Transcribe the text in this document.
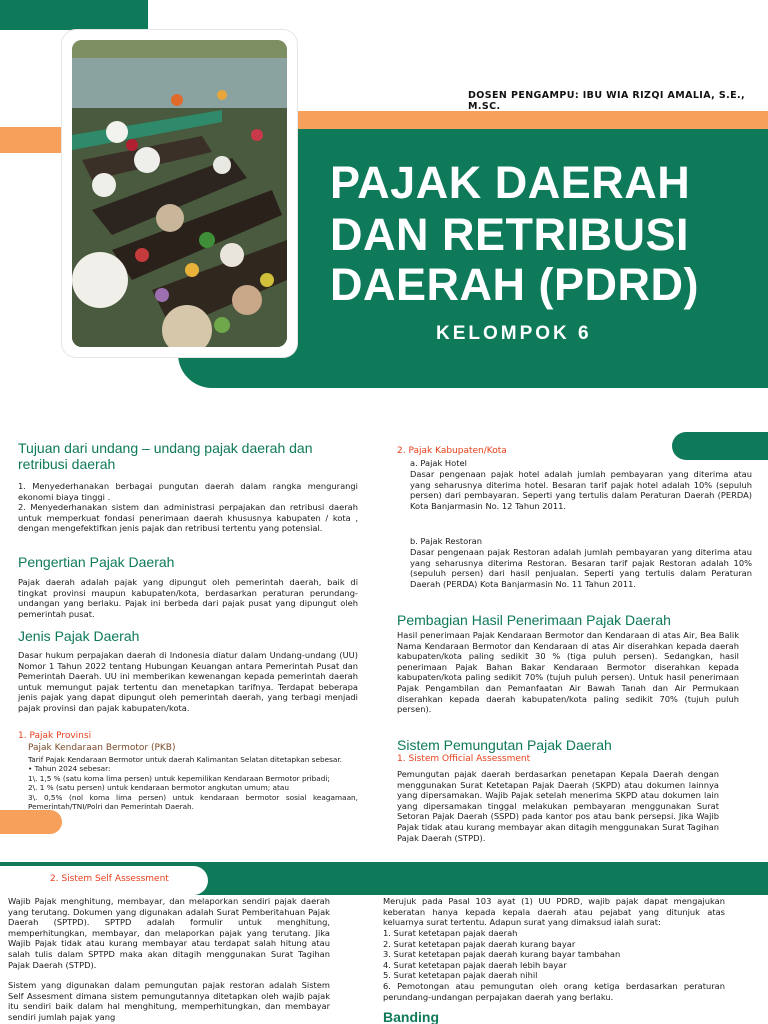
DOSEN PENGAMPU: IBU WIA RIZQI AMALIA, S.E., M.SC.
PAJAK DAERAH
DAN RETRIBUSI
DAERAH (PDRD)
KELOMPOK 6
Tujuan dari undang – undang pajak daerah dan retribusi daerah
1. Menyederhanakan berbagai pungutan daerah dalam rangka mengurangi ekonomi biaya tinggi .
2. Menyederhanakan sistem dan administrasi perpajakan dan retribusi daerah untuk memperkuat fondasi penerimaan daerah khususnya kabupaten / kota , dengan mengefektifkan jenis pajak dan retribusi tertentu yang potensial.
Pengertian Pajak Daerah
Pajak daerah adalah pajak yang dipungut oleh pemerintah daerah, baik di tingkat provinsi maupun kabupaten/kota, berdasarkan peraturan perundang-undangan yang berlaku. Pajak ini berbeda dari pajak pusat yang dipungut oleh pemerintah pusat.
Jenis Pajak Daerah
Dasar hukum perpajakan daerah di Indonesia diatur dalam Undang-undang (UU) Nomor 1 Tahun 2022 tentang Hubungan Keuangan antara Pemerintah Pusat dan Pemerintah Daerah. UU ini memberikan kewenangan kepada pemerintah daerah untuk memungut pajak tertentu dan menetapkan tarifnya. Terdapat beberapa jenis pajak yang dapat dipungut oleh pemerintah daerah, yang terbagi menjadi pajak provinsi dan pajak kabupaten/kota.
1. Pajak Provinsi
Pajak Kendaraan Bermotor (PKB)
Tarif Pajak Kendaraan Bermotor untuk daerah Kalimantan Selatan ditetapkan sebesar.
• Tahun 2024 sebesar:
1\. 1,5 % (satu koma lima persen) untuk kepemilikan Kendaraan Bermotor pribadi;
2\. 1 % (satu persen) untuk kendaraan bermotor angkutan umum; atau
3\. 0,5% (nol koma lima persen) untuk kendaraan bermotor sosial keagamaan, Pemerintah/TNI/Polri dan Pemerintah Daerah.
2. Pajak Kabupaten/Kota
a. Pajak Hotel
Dasar pengenaan pajak hotel adalah jumlah pembayaran yang diterima atau yang seharusnya diterima hotel. Besaran tarif pajak hotel adalah 10% (sepuluh persen) dari pembayaran. Seperti yang tertulis dalam Peraturan Daerah (PERDA) Kota Banjarmasin No. 12 Tahun 2011.
b. Pajak Restoran
Dasar pengenaan pajak Restoran adalah jumlah pembayaran yang diterima atau yang seharusnya diterima Restoran. Besaran tarif pajak Restoran adalah 10% (sepuluh persen) dari hasil penjualan. Seperti yang tertulis dalam Peraturan Daerah (PERDA) Kota Banjarmasin No. 11 Tahun 2011.
Pembagian Hasil Penerimaan Pajak Daerah
Hasil penerimaan Pajak Kendaraan Bermotor dan Kendaraan di atas Air, Bea Balik Nama Kendaraan Bermotor dan Kendaraan di atas Air diserahkan kepada daerah kabupaten/kota paling sedikit 30 % (tiga puluh persen). Sedangkan, hasil penerimaan Pajak Bahan Bakar Kendaraan Bermotor diserahkan kepada kabupaten/kota paling sedikit 70% (tujuh puluh persen). Untuk hasil penerimaan Pajak Pengambilan dan Pemanfaatan Air Bawah Tanah dan Air Permukaan diserahkan kepada daerah kabupaten/kota paling sedikit 70% (tujuh puluh persen).
Sistem Pemungutan Pajak Daerah
1. Sistem Official Assessment
Pemungutan pajak daerah berdasarkan penetapan Kepala Daerah dengan menggunakan Surat Ketetapan Pajak Daerah (SKPD) atau dokumen lainnya yang dipersamakan. Wajib Pajak setelah menerima SKPD atau dokumen lain yang dipersamakan tinggal melakukan pembayaran menggunakan Surat Setoran Pajak Daerah (SSPD) pada kantor pos atau bank persepsi. Jika Wajib Pajak tidak atau kurang membayar akan ditagih menggunakan Surat Tagihan Pajak Daerah (STPD).
2. Sistem Self Assessment
Wajib Pajak menghitung, membayar, dan melaporkan sendiri pajak daerah yang terutang. Dokumen yang digunakan adalah Surat Pemberitahuan Pajak Daerah (SPTPD). SPTPD adalah formulir untuk menghitung, memperhitungkan, membayar, dan melaporkan pajak yang terutang. Jika Wajib Pajak tidak atau kurang membayar atau terdapat salah hitung atau salah tulis dalam SPTPD maka akan ditagih menggunakan Surat Tagihan Pajak Daerah (STPD).
Sistem yang digunakan dalam pemungutan pajak restoran adalah Sistem Self Assesment dimana sistem pemungutannya ditetapkan oleh wajib pajak itu sendiri baik dalam hal menghitung, memperhitungkan, dan membayar sendiri jumlah pajak yang
Merujuk pada Pasal 103 ayat (1) UU PDRD, wajib pajak dapat mengajukan keberatan hanya kepada kepala daerah atau pejabat yang ditunjuk atas keluarnya surat tertentu. Adapun surat yang dimaksud ialah surat:
1. Surat ketetapan pajak daerah
2. Surat ketetapan pajak daerah kurang bayar
3. Surat ketetapan pajak daerah kurang bayar tambahan
4. Surat ketetapan pajak daerah lebih bayar
5. Surat ketetapan pajak daerah nihil
6. Pemotongan atau pemungutan oleh orang ketiga berdasarkan peraturan perundang-undangan perpajakan daerah yang berlaku.
Banding
